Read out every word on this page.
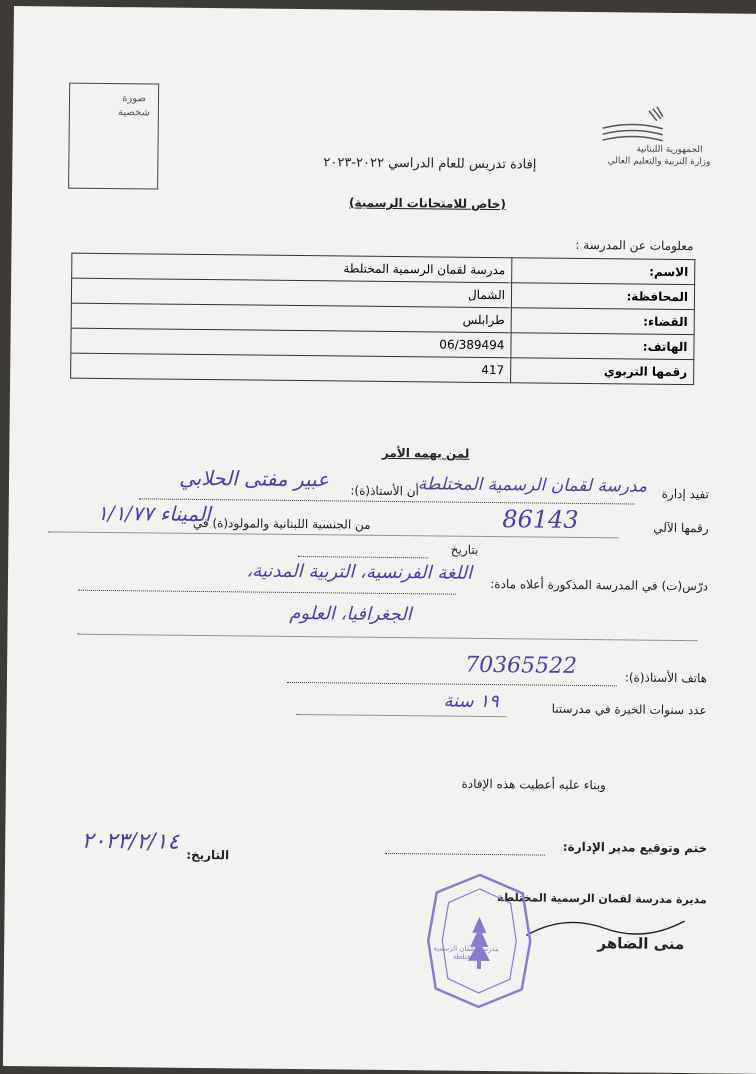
صورة
شخصية
الجمهورية اللبنانية
وزارة التربية والتعليم العالي
إفادة تدريس للعام الدراسي ٢٠٢٢-٢٠٢٣
(خاص للامتحانات الرسمية)
معلومات عن المدرسة :
الاسم:	مدرسة لقمان الرسمية المختلطة
المحافظة:	الشمال
القضاء:	طرابلس
الهاتف:	06/389494
رقمها التربوي	417
لمن يهمه الأمر
تفيد إدارة
مدرسة لقمان الرسمية المختلطة
أن الأستاذ(ة):
عبير مفتى الحلابي
رقمها الآلي
86143
من الجنسية اللبنانية والمولود(ة) في
الميناء ١/١/٧٧
بتاريخ
درّس(ت) في المدرسة المذكورة أعلاه مادة:
اللغة الفرنسية، التربية المدنية،
الجغرافيا، العلوم
هاتف الأستاذ(ة):
70365522
عدد سنوات الخبرة في مدرستنا
١٩ سنة
وبناء عليه أعطيت هذه الإفادة
ختم وتوقيع مدير الإدارة:
التاريخ:
٢٠٢٣/٢/١٤
مديرة مدرسة لقمان الرسمية المختلطة
منى الضاهر
مدرسة لقمان الرسمية المختلطة
